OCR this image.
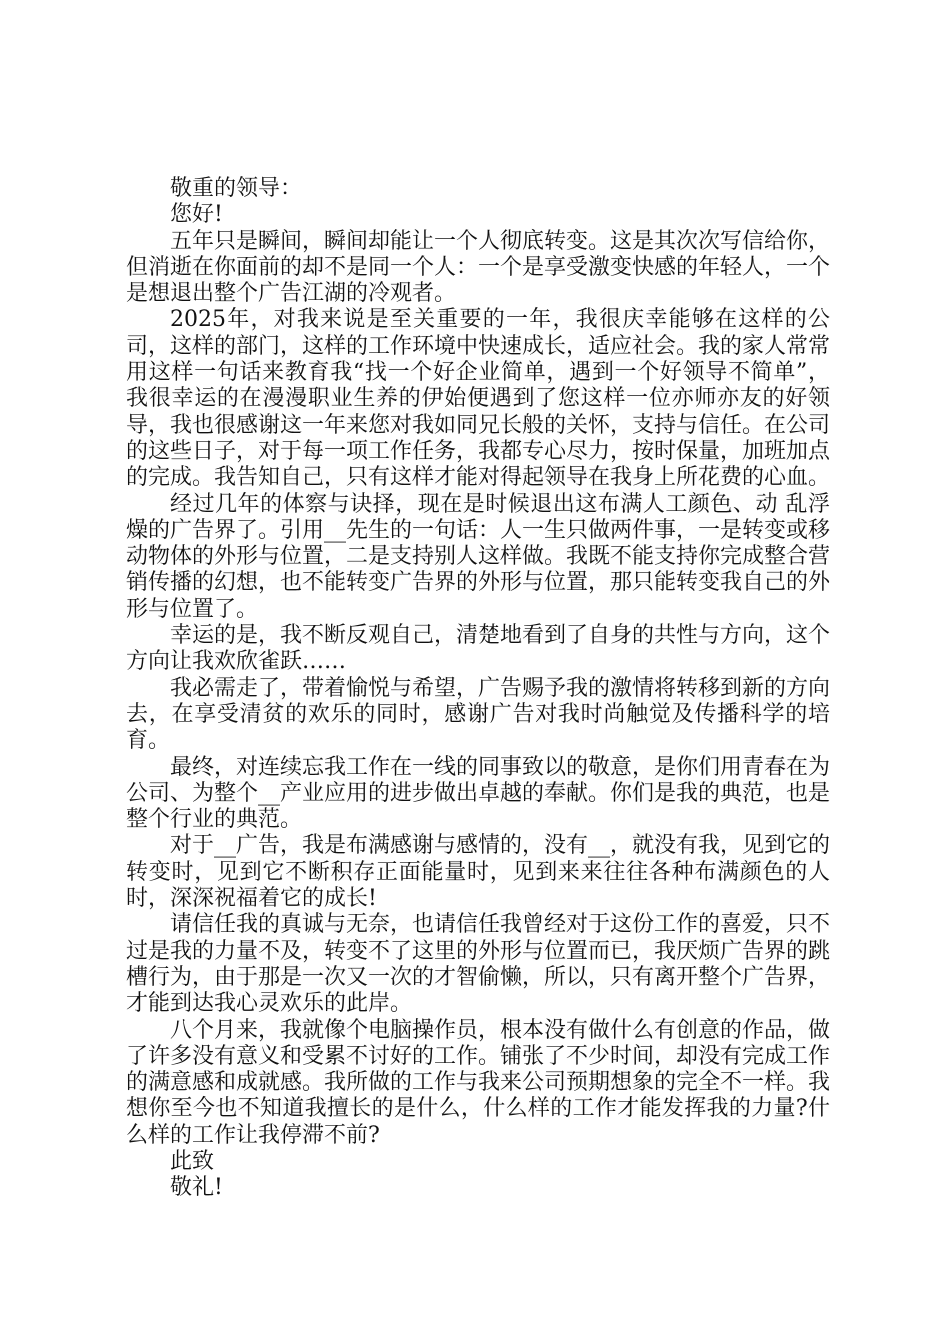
敬重的领导：

您好!

五年只是瞬间，瞬间却能让一个人彻底转变。这是其次次写信给你，但消逝在你面前的却不是同一个人：一个是享受激变快感的年轻人，一个是想退出整个广告江湖的冷观者。

2025年，对我来说是至关重要的一年，我很庆幸能够在这样的公司，这样的部门，这样的工作环境中快速成长，适应社会。我的家人常常用这样一句话来教育我“找一个好企业简单，遇到一个好领导不简单”，我很幸运的在漫漫职业生养的伊始便遇到了您这样一位亦师亦友的好领导，我也很感谢这一年来您对我如同兄长般的关怀，支持与信任。在公司的这些日子，对于每一项工作任务，我都专心尽力，按时保量，加班加点的完成。我告知自己，只有这样才能对得起领导在我身上所花费的心血。

经过几年的体察与诀择，现在是时候退出这布满人工颜色、动 乱浮燥的广告界了。引用__先生的一句话：人一生只做两件事，一是转变或移动物体的外形与位置，二是支持别人这样做。我既不能支持你完成整合营销传播的幻想，也不能转变广告界的外形与位置，那只能转变我自己的外形与位置了。

幸运的是，我不断反观自己，清楚地看到了自身的共性与方向，这个方向让我欢欣雀跃……

我必需走了，带着愉悦与希望，广告赐予我的激情将转移到新的方向去，在享受清贫的欢乐的同时，感谢广告对我时尚触觉及传播科学的培育。

最终，对连续忘我工作在一线的同事致以的敬意，是你们用青春在为公司、为整个__产业应用的进步做出卓越的奉献。你们是我的典范，也是整个行业的典范。

对于__广告，我是布满感谢与感情的，没有__，就没有我，见到它的转变时，见到它不断积存正面能量时，见到来来往往各种布满颜色的人时，深深祝福着它的成长!

请信任我的真诚与无奈，也请信任我曾经对于这份工作的喜爱，只不过是我的力量不及，转变不了这里的外形与位置而已，我厌烦广告界的跳槽行为，由于那是一次又一次的才智偷懒，所以，只有离开整个广告界，才能到达我心灵欢乐的此岸。

八个月来，我就像个电脑操作员，根本没有做什么有创意的作品，做了许多没有意义和受累不讨好的工作。铺张了不少时间，却没有完成工作的满意感和成就感。我所做的工作与我来公司预期想象的完全不一样。我想你至今也不知道我擅长的是什么，什么样的工作才能发挥我的力量?什么样的工作让我停滞不前?

此致

敬礼!
